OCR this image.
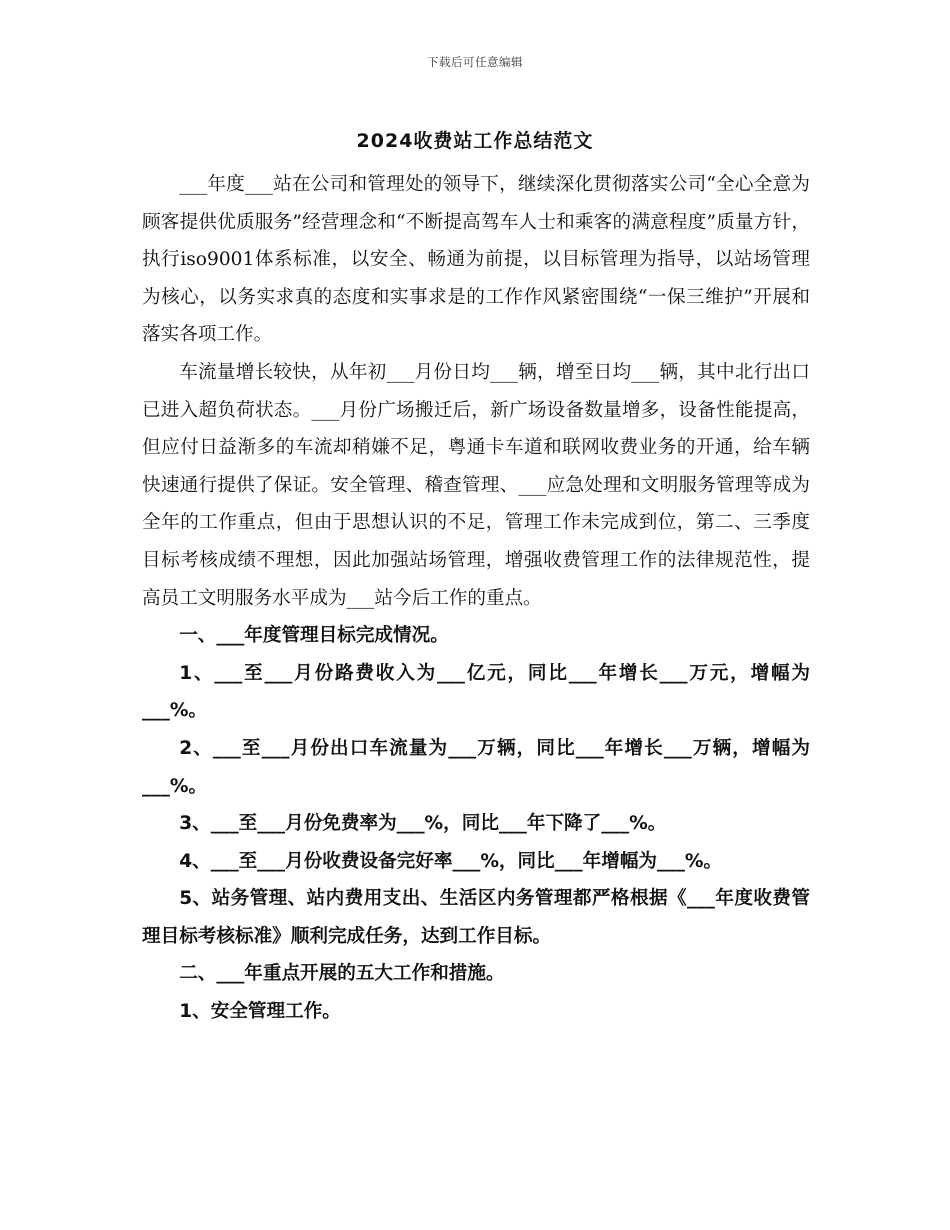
下载后可任意编辑
2024收费站工作总结范文

___年度___站在公司和管理处的领导下，继续深化贯彻落实公司“全心全意为顾客提供优质服务”经营理念和“不断提高驾车人士和乘客的满意程度”质量方针，执行iso9001体系标准，以安全、畅通为前提，以目标管理为指导，以站场管理为核心，以务实求真的态度和实事求是的工作作风紧密围绕“一保三维护”开展和落实各项工作。

车流量增长较快，从年初___月份日均___辆，增至日均___辆，其中北行出口已进入超负荷状态。___月份广场搬迁后，新广场设备数量增多，设备性能提高，但应付日益渐多的车流却稍嫌不足，粤通卡车道和联网收费业务的开通，给车辆快速通行提供了保证。安全管理、稽查管理、___应急处理和文明服务管理等成为全年的工作重点，但由于思想认识的不足，管理工作未完成到位，第二、三季度目标考核成绩不理想，因此加强站场管理，增强收费管理工作的法律规范性，提高员工文明服务水平成为___站今后工作的重点。

一、___年度管理目标完成情况。

1、___至___月份路费收入为___亿元，同比___年增长___万元，增幅为___%。

2、___至___月份出口车流量为___万辆，同比___年增长___万辆，增幅为___%。

3、___至___月份免费率为___%，同比___年下降了___%。

4、___至___月份收费设备完好率___%，同比___年增幅为___%。

5、站务管理、站内费用支出、生活区内务管理都严格根据《___年度收费管理目标考核标准》顺利完成任务，达到工作目标。

二、___年重点开展的五大工作和措施。

1、安全管理工作。
